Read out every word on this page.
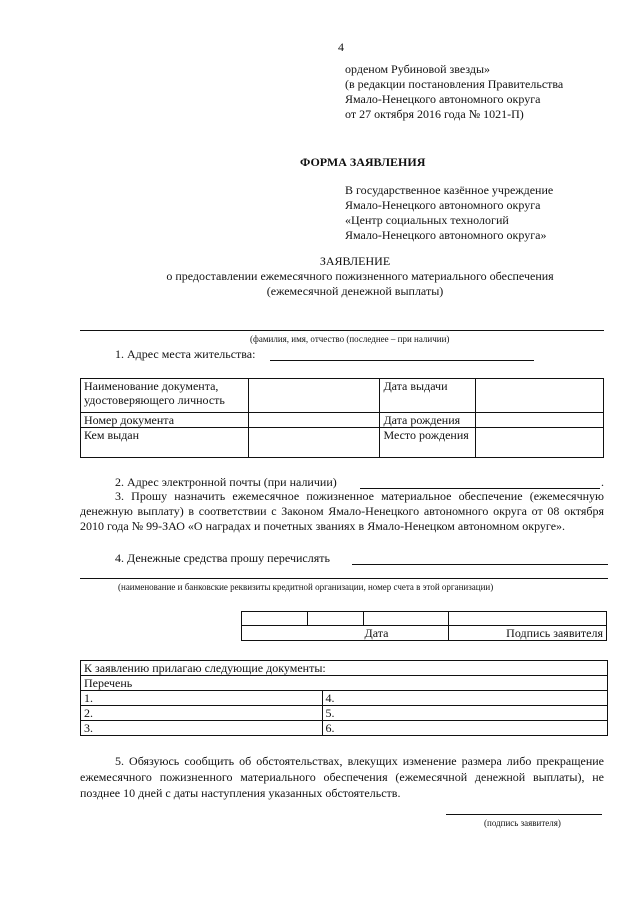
4
орденом Рубиновой звезды»
(в редакции постановления Правительства
Ямало-Ненецкого автономного округа
от 27 октября 2016 года № 1021-П)
ФОРМА ЗАЯВЛЕНИЯ
В государственное казённое учреждение
Ямало-Ненецкого автономного округа
«Центр социальных технологий
Ямало-Ненецкого автономного округа»
ЗАЯВЛЕНИЕ
о предоставлении ежемесячного пожизненного материального обеспечения
(ежемесячной денежной выплаты)
(фамилия, имя, отчество (последнее – при наличии)
1. Адрес места жительства:
Наименование документа, удостоверяющего личность		Дата выдачи	
Номер документа		Дата рождения	
Кем выдан		Место рождения	
2. Адрес электронной почты (при наличии)	.
3. Прошу назначить ежемесячное пожизненное материальное обеспечение (ежемесячную денежную выплату) в соответствии с Законом Ямало-Ненецкого автономного округа от 08 октября 2010 года № 99-ЗАО «О наградах и почетных званиях в Ямало-Ненецком автономном округе».
4. Денежные средства прошу перечислять
(наименование и банковские реквизиты кредитной организации, номер счета в этой организации)

Дата			Подпись заявителя
К заявлению прилагаю следующие документы:	
Перечень	
1.	4.
2.	5.
3.	6.
5. Обязуюсь сообщить об обстоятельствах, влекущих изменение размера либо прекращение ежемесячного пожизненного материального обеспечения (ежемесячной денежной выплаты), не позднее 10 дней с даты наступления указанных обстоятельств.
(подпись заявителя)
